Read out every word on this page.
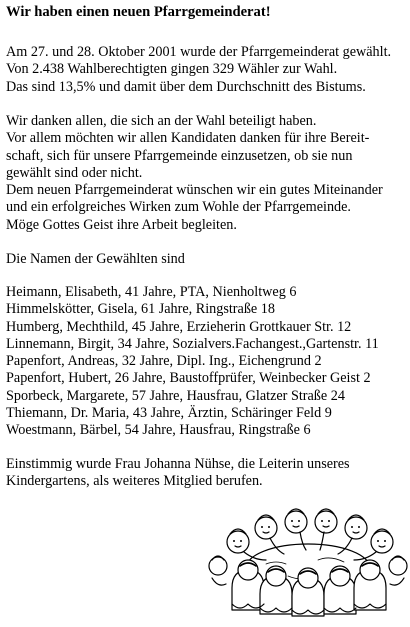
Wir haben einen neuen Pfarrgemeinderat!
Am 27. und 28. Oktober 2001 wurde der Pfarrgemeinderat gewählt.
Von 2.438 Wahlberechtigten gingen 329 Wähler zur Wahl.
Das sind 13,5% und damit über dem Durchschnitt des Bistums.
Wir danken allen, die sich an der Wahl beteiligt haben.
Vor allem möchten wir allen Kandidaten danken für ihre Bereit-
schaft, sich für unsere Pfarrgemeinde einzusetzen, ob sie nun
gewählt sind oder nicht.
Dem neuen Pfarrgemeinderat wünschen wir ein gutes Miteinander
und ein erfolgreiches Wirken zum Wohle der Pfarrgemeinde.
Möge Gottes Geist ihre Arbeit begleiten.
Die Namen der Gewählten sind
Heimann, Elisabeth, 41 Jahre, PTA, Nienholtweg 6
Himmelskötter, Gisela, 61 Jahre, Ringstraße 18
Humberg, Mechthild, 45 Jahre, Erzieherin Grottkauer Str. 12
Linnemann, Birgit, 34 Jahre, Sozialvers.Fachangest.,Gartenstr. 11
Papenfort, Andreas, 32 Jahre, Dipl. Ing., Eichengrund 2
Papenfort, Hubert, 26 Jahre, Baustoffprüfer, Weinbecker Geist 2
Sporbeck, Margarete, 57 Jahre, Hausfrau, Glatzer Straße 24
Thiemann, Dr. Maria, 43 Jahre, Ärztin, Schäringer Feld 9
Woestmann, Bärbel, 54 Jahre, Hausfrau, Ringstraße 6
Einstimmig wurde Frau Johanna Nühse, die Leiterin unseres
Kindergartens, als weiteres Mitglied berufen.
